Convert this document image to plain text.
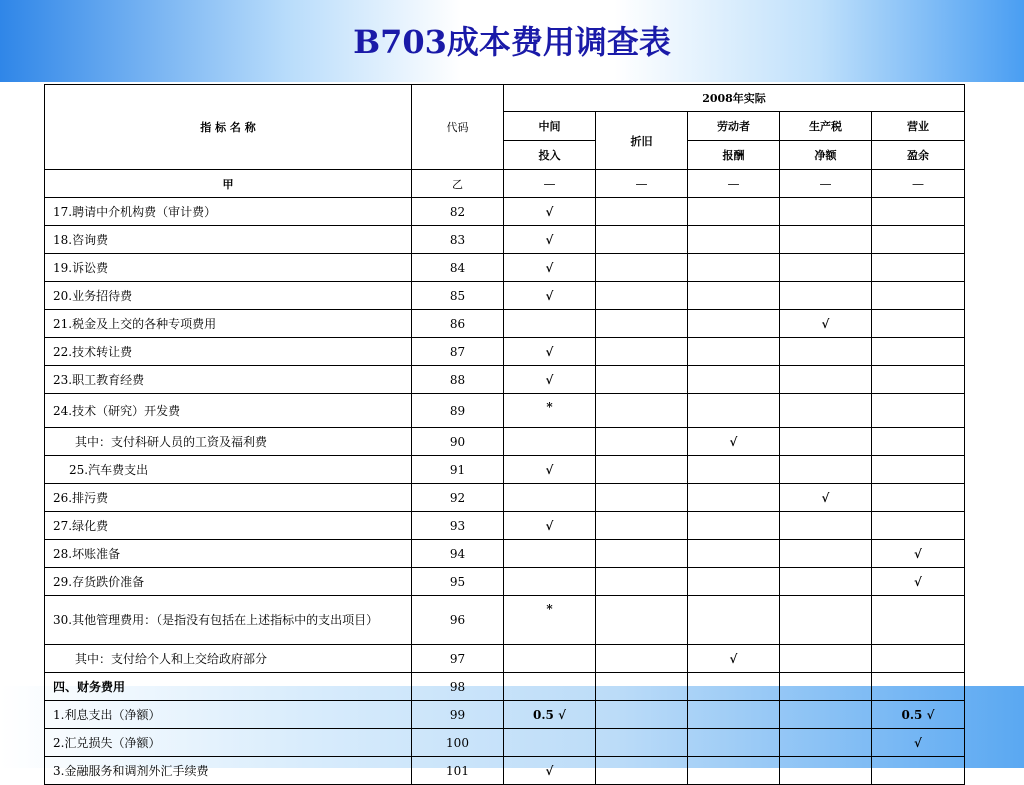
B703成本费用调查表
指 标 名 称	代码	2008年实际				
		中间	折旧	劳动者	生产税	营业
		投入		报酬	净额	盈余
甲	乙	—	—	—	—	—
17.聘请中介机构费（审计费）	82	√				
18.咨询费	83	√				
19.诉讼费	84	√				
20.业务招待费	85	√				
21.税金及上交的各种专项费用	86				√	
22.技术转让费	87	√				
23.职工教育经费	88	√				
24.技术（研究）开发费	89	*				
其中：支付科研人员的工资及福利费	90			√		
25.汽车费支出	91	√				
26.排污费	92				√	
27.绿化费	93	√				
28.坏账准备	94					√
29.存货跌价准备	95					√
30.其他管理费用：（是指没有包括在上述指标中的支出项目）	96	*				
其中：支付给个人和上交给政府部分	97			√		
四、财务费用	98					
1.利息支出（净额）	99	0.5 √				0.5 √
2.汇兑损失（净额）	100					√
3.金融服务和调剂外汇手续费	101	√				
